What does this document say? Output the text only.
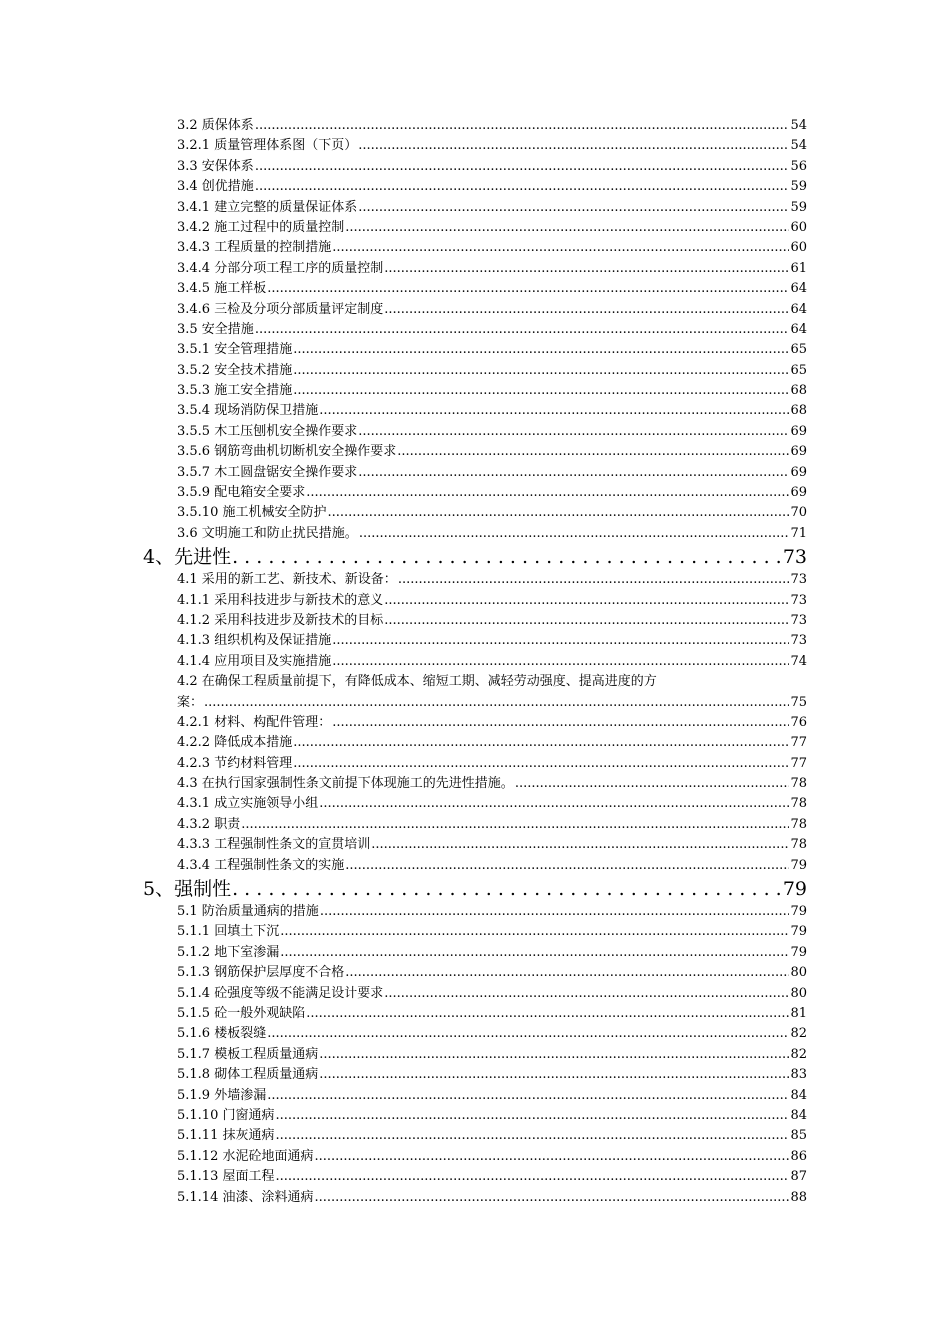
3.2 质保体系 .....	54
3.2.1 质量管理体系图（下页） .....	54
3.3 安保体系 .....	56
3.4 创优措施 .....	59
3.4.1 建立完整的质量保证体系 .....	59
3.4.2 施工过程中的质量控制 .....	60
3.4.3 工程质量的控制措施 .....	60
3.4.4 分部分项工程工序的质量控制 .....	61
3.4.5 施工样板 .....	64
3.4.6 三检及分项分部质量评定制度 .....	64
3.5 安全措施 .....	64
3.5.1 安全管理措施 .....	65
3.5.2 安全技术措施 .....	65
3.5.3 施工安全措施 .....	68
3.5.4 现场消防保卫措施 .....	68
3.5.5 木工压刨机安全操作要求 .....	69
3.5.6 钢筋弯曲机切断机安全操作要求 .....	69
3.5.7 木工圆盘锯安全操作要求 .....	69
3.5.9 配电箱安全要求 .....	69
3.5.10 施工机械安全防护 .....	70
3.6 文明施工和防止扰民措施。 .....	71
4、先进性 . . .	73
4.1 采用的新工艺、新技术、新设备： .....	73
4.1.1 采用科技进步与新技术的意义 .....	73
4.1.2 采用科技进步及新技术的目标 .....	73
4.1.3 组织机构及保证措施 .....	73
4.1.4 应用项目及实施措施 .....	74
4.2 在确保工程质量前提下，有降低成本、缩短工期、减轻劳动强度、提高进度的方
案： .....	75
4.2.1 材料、构配件管理： .....	76
4.2.2 降低成本措施 .....	77
4.2.3 节约材料管理 .....	77
4.3 在执行国家强制性条文前提下体现施工的先进性措施。 .....	78
4.3.1 成立实施领导小组 .....	78
4.3.2 职责 .....	78
4.3.3 工程强制性条文的宣贯培训 .....	78
4.3.4 工程强制性条文的实施 .....	79
5、强制性 . . .	79
5.1 防治质量通病的措施 .....	79
5.1.1 回填土下沉 .....	79
5.1.2 地下室渗漏 .....	79
5.1.3 钢筋保护层厚度不合格 .....	80
5.1.4 砼强度等级不能满足设计要求 .....	80
5.1.5 砼一般外观缺陷 .....	81
5.1.6 楼板裂缝 .....	82
5.1.7 模板工程质量通病 .....	82
5.1.8 砌体工程质量通病 .....	83
5.1.9 外墙渗漏 .....	84
5.1.10 门窗通病 .....	84
5.1.11 抹灰通病 .....	85
5.1.12 水泥砼地面通病 .....	86
5.1.13 屋面工程 .....	87
5.1.14 油漆、涂料通病 .....	88
